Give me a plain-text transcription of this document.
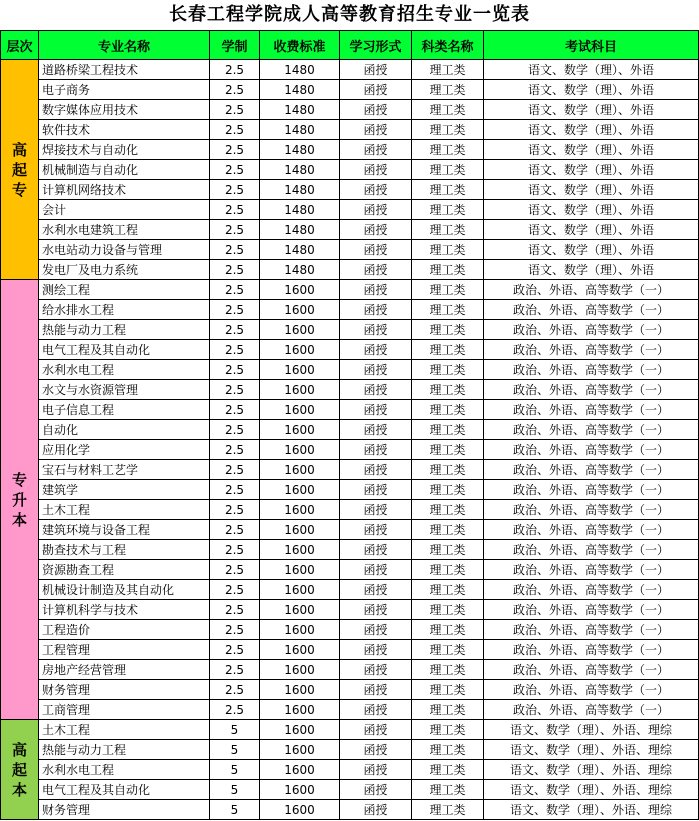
长春工程学院成人高等教育招生专业一览表
层次	专业名称	学制	收费标准	学习形式	科类名称	考试科目

高起专	道路桥梁工程技术	2.5	1480	函授	理工类	语文、数学（理）、外语
	电子商务	2.5	1480	函授	理工类	语文、数学（理）、外语
	数字媒体应用技术	2.5	1480	函授	理工类	语文、数学（理）、外语
	软件技术	2.5	1480	函授	理工类	语文、数学（理）、外语
	焊接技术与自动化	2.5	1480	函授	理工类	语文、数学（理）、外语
	机械制造与自动化	2.5	1480	函授	理工类	语文、数学（理）、外语
	计算机网络技术	2.5	1480	函授	理工类	语文、数学（理）、外语
	会计	2.5	1480	函授	理工类	语文、数学（理）、外语
	水利水电建筑工程	2.5	1480	函授	理工类	语文、数学（理）、外语
	水电站动力设备与管理	2.5	1480	函授	理工类	语文、数学（理）、外语
	发电厂及电力系统	2.5	1480	函授	理工类	语文、数学（理）、外语

专升本	测绘工程	2.5	1600	函授	理工类	政治、外语、高等数学（一）
	给水排水工程	2.5	1600	函授	理工类	政治、外语、高等数学（一）
	热能与动力工程	2.5	1600	函授	理工类	政治、外语、高等数学（一）
	电气工程及其自动化	2.5	1600	函授	理工类	政治、外语、高等数学（一）
	水利水电工程	2.5	1600	函授	理工类	政治、外语、高等数学（一）
	水文与水资源管理	2.5	1600	函授	理工类	政治、外语、高等数学（一）
	电子信息工程	2.5	1600	函授	理工类	政治、外语、高等数学（一）
	自动化	2.5	1600	函授	理工类	政治、外语、高等数学（一）
	应用化学	2.5	1600	函授	理工类	政治、外语、高等数学（一）
	宝石与材料工艺学	2.5	1600	函授	理工类	政治、外语、高等数学（一）
	建筑学	2.5	1600	函授	理工类	政治、外语、高等数学（一）
	土木工程	2.5	1600	函授	理工类	政治、外语、高等数学（一）
	建筑环境与设备工程	2.5	1600	函授	理工类	政治、外语、高等数学（一）
	勘查技术与工程	2.5	1600	函授	理工类	政治、外语、高等数学（一）
	资源勘查工程	2.5	1600	函授	理工类	政治、外语、高等数学（一）
	机械设计制造及其自动化	2.5	1600	函授	理工类	政治、外语、高等数学（一）
	计算机科学与技术	2.5	1600	函授	理工类	政治、外语、高等数学（一）
	工程造价	2.5	1600	函授	理工类	政治、外语、高等数学（一）
	工程管理	2.5	1600	函授	理工类	政治、外语、高等数学（一）
	房地产经营管理	2.5	1600	函授	理工类	政治、外语、高等数学（一）
	财务管理	2.5	1600	函授	理工类	政治、外语、高等数学（一）
	工商管理	2.5	1600	函授	理工类	政治、外语、高等数学（一）

高起本	土木工程	5	1600	函授	理工类	语文、数学（理）、外语、理综
	热能与动力工程	5	1600	函授	理工类	语文、数学（理）、外语、理综
	水利水电工程	5	1600	函授	理工类	语文、数学（理）、外语、理综
	电气工程及其自动化	5	1600	函授	理工类	语文、数学（理）、外语、理综
	财务管理	5	1600	函授	理工类	语文、数学（理）、外语、理综
